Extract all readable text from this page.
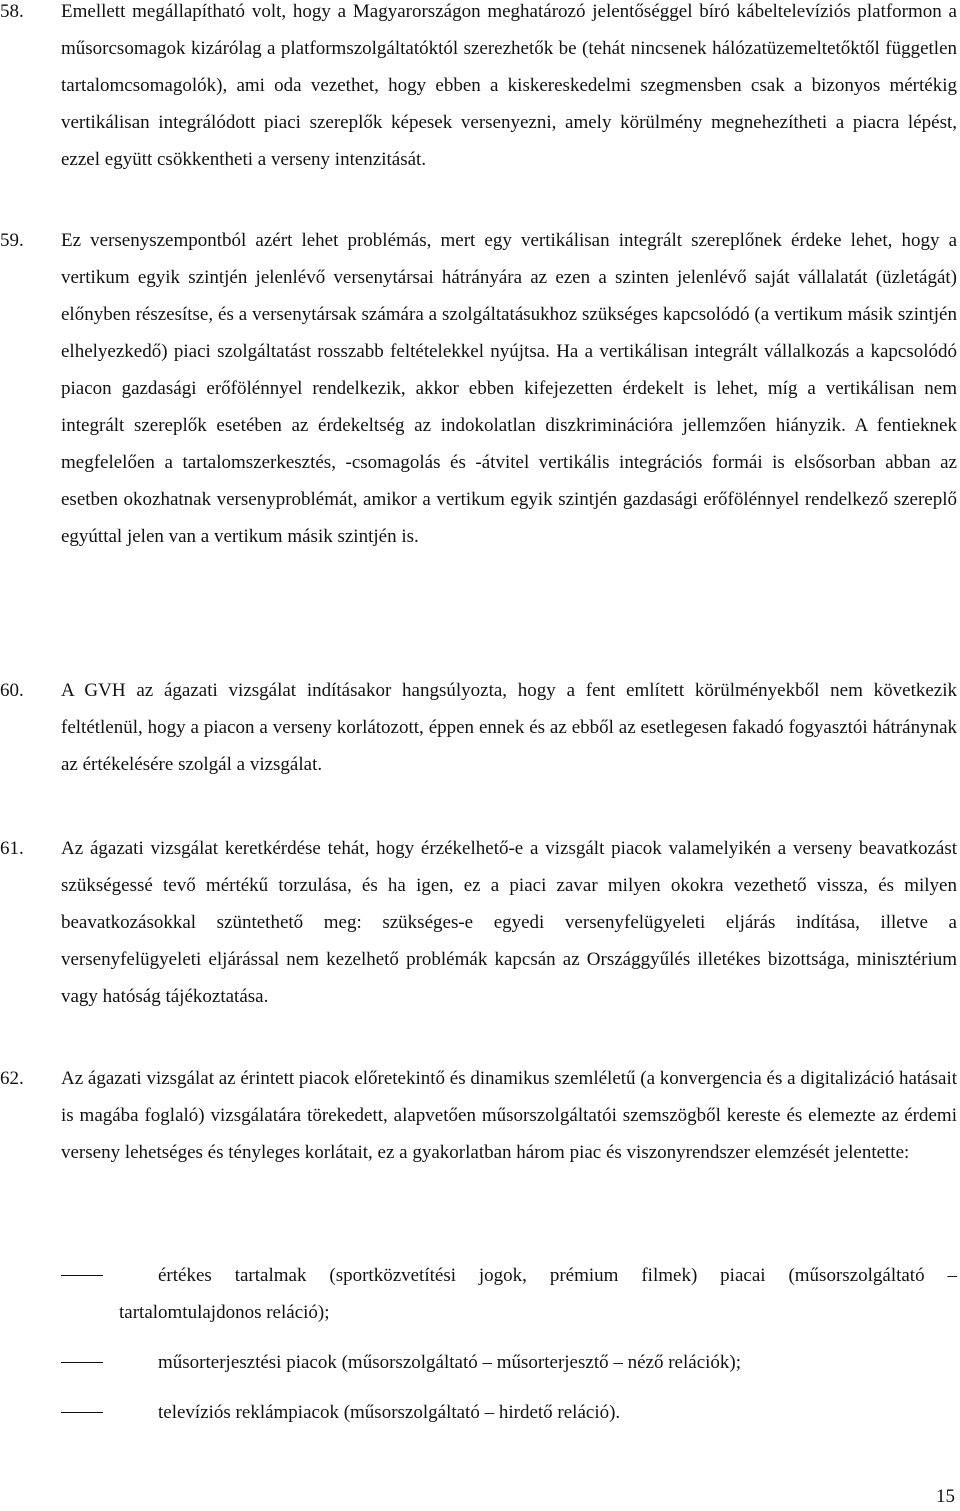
58. Emellett megállapítható volt, hogy a Magyarországon meghatározó jelentőséggel bíró kábeltelevíziós platformon a műsorcsomagok kizárólag a platformszolgáltatóktól szerezhetők be (tehát nincsenek hálózatüzemeltetőktől független tartalomcsomagolók), ami oda vezethet, hogy ebben a kiskereskedelmi szegmensben csak a bizonyos mértékig vertikálisan integrálódott piaci szereplők képesek versenyezni, amely körülmény megnehezítheti a piacra lépést, ezzel együtt csökkentheti a verseny intenzitását.
59. Ez versenyszempontból azért lehet problémás, mert egy vertikálisan integrált szereplőnek érdeke lehet, hogy a vertikum egyik szintjén jelenlévő versenytársai hátrányára az ezen a szinten jelenlévő saját vállalatát (üzletágát) előnyben részesítse, és a versenytársak számára a szolgáltatásukhoz szükséges kapcsolódó (a vertikum másik szintjén elhelyezkedő) piaci szolgáltatást rosszabb feltételekkel nyújtsa. Ha a vertikálisan integrált vállalkozás a kapcsolódó piacon gazdasági erőfölénnyel rendelkezik, akkor ebben kifejezetten érdekelt is lehet, míg a vertikálisan nem integrált szereplők esetében az érdekeltség az indokolatlan diszkriminációra jellemzően hiányzik. A fentieknek megfelelően a tartalomszerkesztés, -csomagolás és -átvitel vertikális integrációs formái is elsősorban abban az esetben okozhatnak versenyproblémát, amikor a vertikum egyik szintjén gazdasági erőfölénnyel rendelkező szereplő egyúttal jelen van a vertikum másik szintjén is.
60. A GVH az ágazati vizsgálat indításakor hangsúlyozta, hogy a fent említett körülményekből nem következik feltétlenül, hogy a piacon a verseny korlátozott, éppen ennek és az ebből az esetlegesen fakadó fogyasztói hátránynak az értékelésére szolgál a vizsgálat.
61. Az ágazati vizsgálat keretkérdése tehát, hogy érzékelhető-e a vizsgált piacok valamelyikén a verseny beavatkozást szükségessé tevő mértékű torzulása, és ha igen, ez a piaci zavar milyen okokra vezethető vissza, és milyen beavatkozásokkal szüntethető meg: szükséges-e egyedi versenyfelügyeleti eljárás indítása, illetve a versenyfelügyeleti eljárással nem kezelhető problémák kapcsán az Országgyűlés illetékes bizottsága, minisztérium vagy hatóság tájékoztatása.
62. Az ágazati vizsgálat az érintett piacok előretekintő és dinamikus szemléletű (a konvergencia és a digitalizáció hatásait is magába foglaló) vizsgálatára törekedett, alapvetően műsorszolgáltatói szemszögből kereste és elemezte az érdemi verseny lehetséges és tényleges korlátait, ez a gyakorlatban három piac és viszonyrendszer elemzését jelentette:
értékes tartalmak (sportközvetítési jogok, prémium filmek) piacai (műsorszolgáltató – tartalomtulajdonos reláció);
műsorterjesztési piacok (műsorszolgáltató – műsorterjesztő – néző relációk);
televíziós reklámpiacok (műsorszolgáltató – hirdető reláció).
15
